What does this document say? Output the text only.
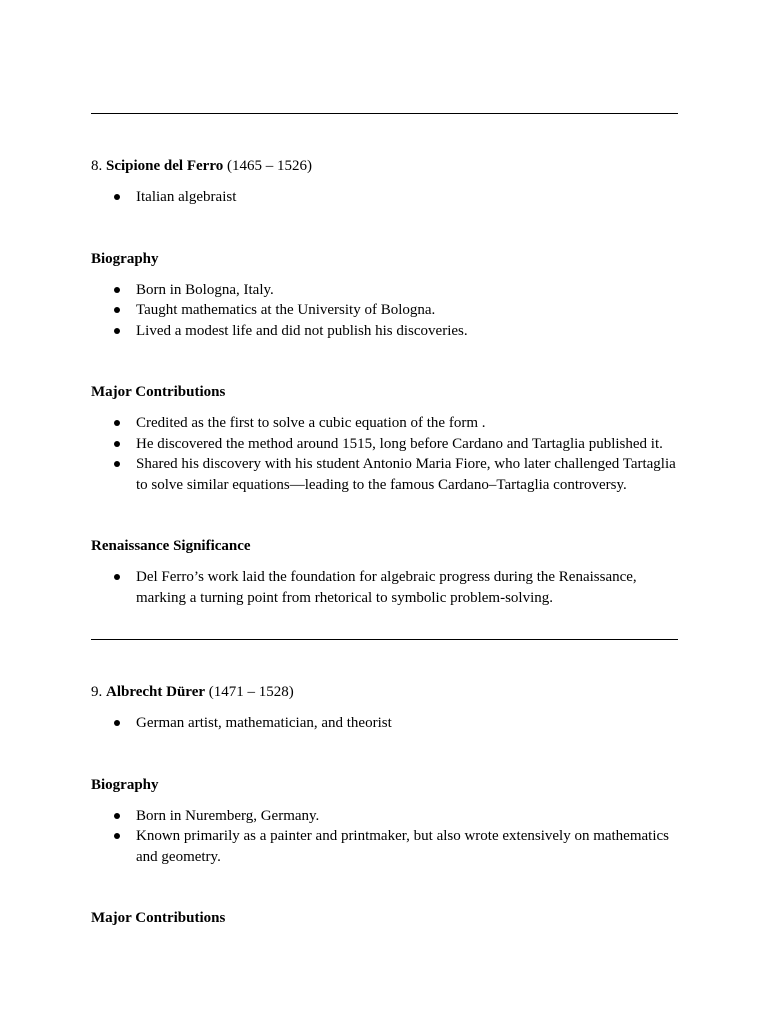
8. Scipione del Ferro (1465 – 1526)

Italian algebraist

Biography

Born in Bologna, Italy.
Taught mathematics at the University of Bologna.
Lived a modest life and did not publish his discoveries.

Major Contributions

Credited as the first to solve a cubic equation of the form .
He discovered the method around 1515, long before Cardano and Tartaglia published it.
Shared his discovery with his student Antonio Maria Fiore, who later challenged Tartaglia to solve similar equations—leading to the famous Cardano–Tartaglia controversy.

Renaissance Significance

Del Ferro’s work laid the foundation for algebraic progress during the Renaissance, marking a turning point from rhetorical to symbolic problem-solving.

9. Albrecht Dürer (1471 – 1528)

German artist, mathematician, and theorist

Biography

Born in Nuremberg, Germany.
Known primarily as a painter and printmaker, but also wrote extensively on mathematics and geometry.

Major Contributions
